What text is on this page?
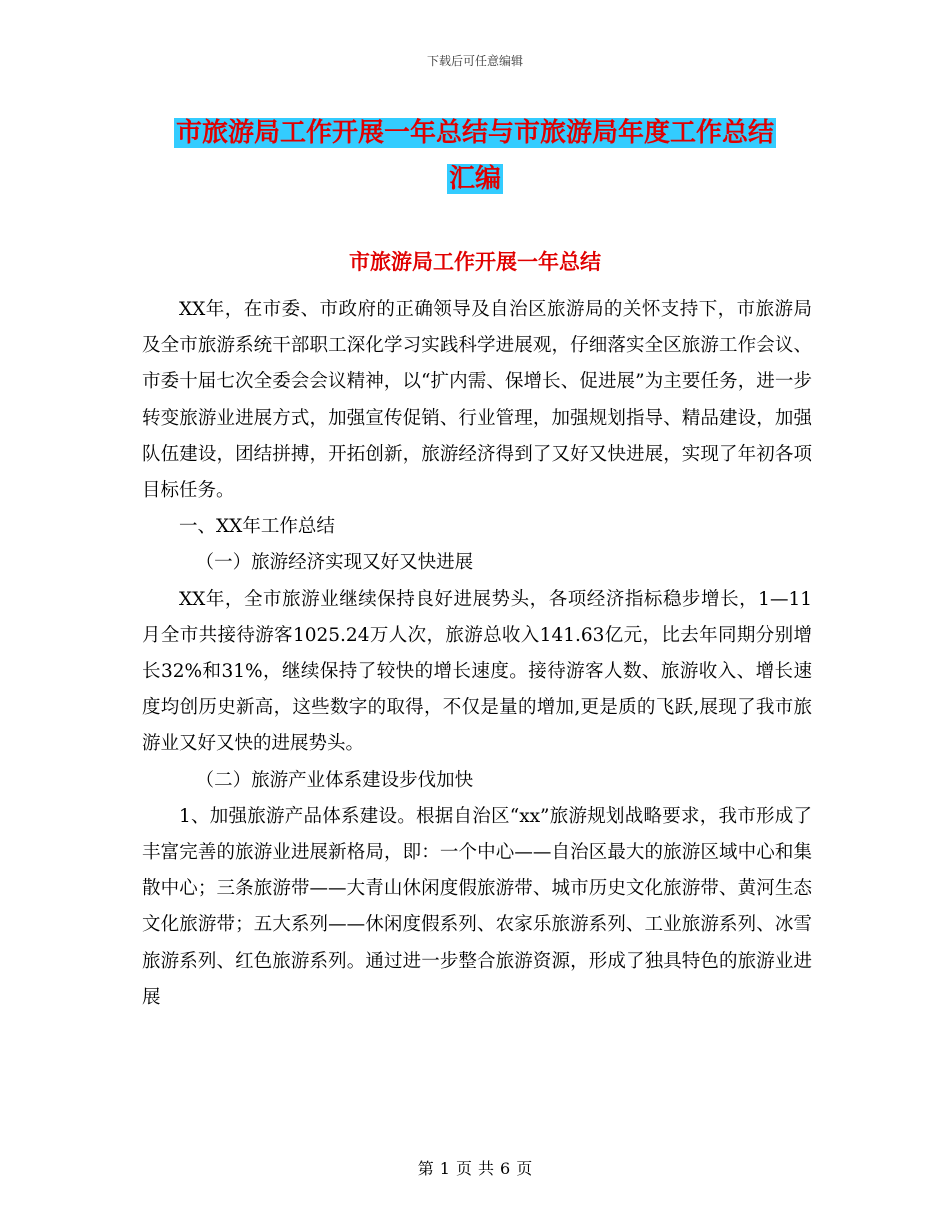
下载后可任意编辑
市旅游局工作开展一年总结与市旅游局年度工作总结
汇编
市旅游局工作开展一年总结

XX年，在市委、市政府的正确领导及自治区旅游局的关怀支持下，市旅游局及全市旅游系统干部职工深化学习实践科学进展观，仔细落实全区旅游工作会议、市委十届七次全委会会议精神，以“扩内需、保增长、促进展”为主要任务，进一步转变旅游业进展方式，加强宣传促销、行业管理，加强规划指导、精品建设，加强队伍建设，团结拼搏，开拓创新，旅游经济得到了又好又快进展，实现了年初各项目标任务。

一、XX年工作总结

（一）旅游经济实现又好又快进展

XX年，全市旅游业继续保持良好进展势头，各项经济指标稳步增长，1—11月全市共接待游客1025.24万人次，旅游总收入141.63亿元，比去年同期分别增长32%和31%，继续保持了较快的增长速度。接待游客人数、旅游收入、增长速度均创历史新高，这些数字的取得，不仅是量的增加,更是质的飞跃,展现了我市旅游业又好又快的进展势头。

（二）旅游产业体系建设步伐加快

1、加强旅游产品体系建设。根据自治区“xx”旅游规划战略要求，我市形成了丰富完善的旅游业进展新格局，即：一个中心——自治区最大的旅游区域中心和集散中心；三条旅游带——大青山休闲度假旅游带、城市历史文化旅游带、黄河生态文化旅游带；五大系列——休闲度假系列、农家乐旅游系列、工业旅游系列、冰雪旅游系列、红色旅游系列。通过进一步整合旅游资源，形成了独具特色的旅游业进展

第 1 页 共 6 页
